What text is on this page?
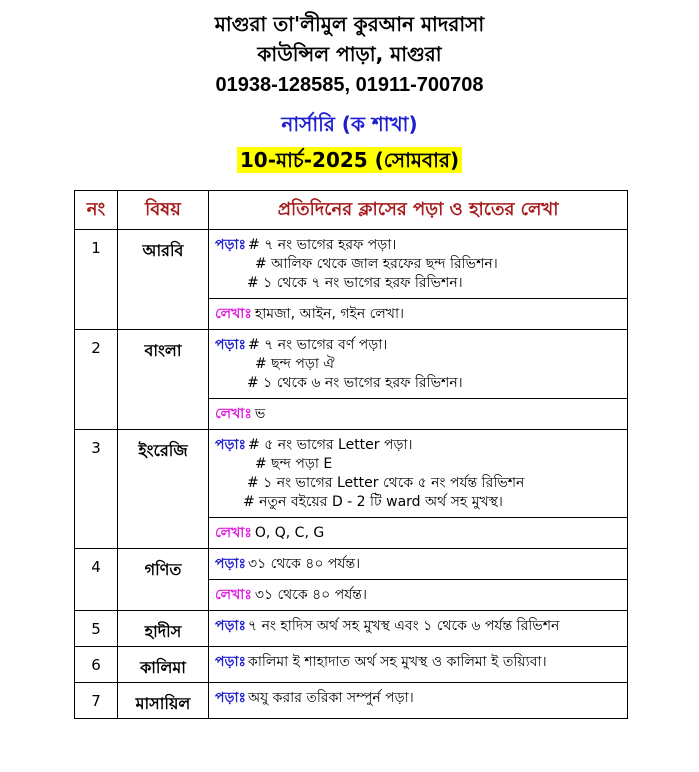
মাগুরা তা'লীমুল কুরআন মাদরাসা
কাউন্সিল পাড়া, মাগুরা
01938-128585, 01911-700708
নার্সারি (ক শাখা)
10-মার্চ-2025 (সোমবার)
নং	বিষয়	প্রতিদিনের ক্লাসের পড়া ও হাতের লেখা
1	আরবি	পড়াঃ # ৭ নং ভাগের হরফ পড়া।
# আলিফ থেকে জাল হরফের ছন্দ রিভিশন।
# ১ থেকে ৭ নং ভাগের হরফ রিভিশন।

		লেখাঃ হামজা, আইন, গইন লেখা।
2	বাংলা	পড়াঃ # ৭ নং ভাগের বর্ণ পড়া।
# ছন্দ পড়া ঐ
# ১ থেকে ৬ নং ভাগের হরফ রিভিশন।

		লেখাঃ ভ
3	ইংরেজি	পড়াঃ # ৫ নং ভাগের Letter পড়া।
# ছন্দ পড়া E
# ১ নং ভাগের Letter থেকে ৫ নং পর্যন্ত রিভিশন
# নতুন বইয়ের D - 2 টি ward অর্থ সহ মুখস্থ।

		লেখাঃ O, Q, C, G
4	গণিত	পড়াঃ ৩১ থেকে ৪০ পর্যন্ত।
		লেখাঃ ৩১ থেকে ৪০ পর্যন্ত।
5	হাদীস	পড়াঃ ৭ নং হাদিস অর্থ সহ মুখস্থ এবং ১ থেকে ৬ পর্যন্ত রিভিশন
6	কালিমা	পড়াঃ কালিমা ই শাহাদাত অর্থ সহ মুখস্থ ও কালিমা ই তয়্যিবা।
7	মাসায়িল	পড়াঃ অযু করার তরিকা সম্পুর্ন পড়া।
